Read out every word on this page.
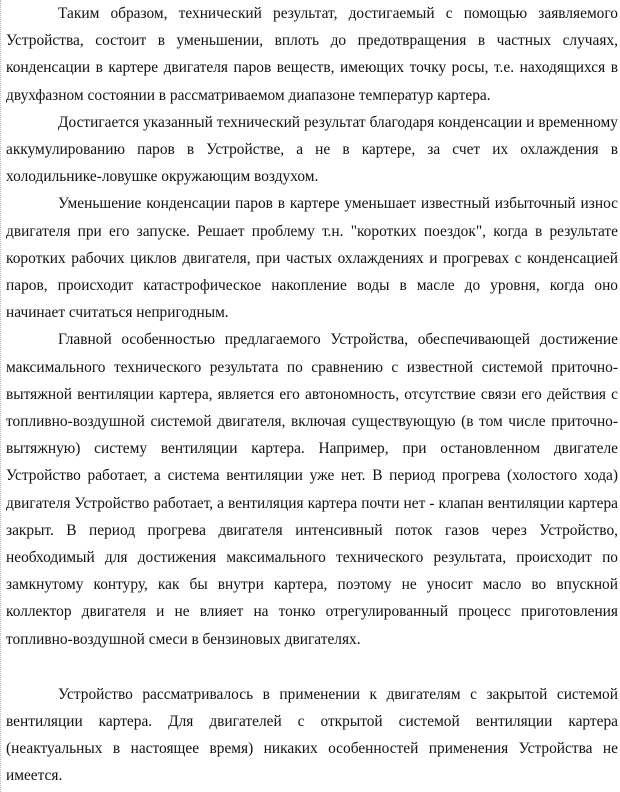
Таким образом, технический результат, достигаемый с помощью заявляемого Устройства, состоит в уменьшении, вплоть до предотвращения в частных случаях, конденсации в картере двигателя паров веществ, имеющих точку росы, т.е. находящихся в двухфазном состоянии в рассматриваемом диапазоне температур картера.

Достигается указанный технический результат благодаря конденсации и временному аккумулированию паров в Устройстве, а не в картере, за счет их охлаждения в холодильнике-ловушке окружающим воздухом.

Уменьшение конденсации паров в картере уменьшает известный избыточный износ двигателя при его запуске. Решает проблему т.н. "коротких поездок", когда в результате коротких рабочих циклов двигателя, при частых охлаждениях и прогревах с конденсацией паров, происходит катастрофическое накопление воды в масле до уровня, когда оно начинает считаться непригодным.

Главной особенностью предлагаемого Устройства, обеспечивающей достижение максимального технического результата по сравнению с известной системой приточно-вытяжной вентиляции картера, является его автономность, отсутствие связи его действия с топливно-воздушной системой двигателя, включая существующую (в том числе приточно-вытяжную) систему вентиляции картера. Например, при остановленном двигателе Устройство работает, а система вентиляции уже нет. В период прогрева (холостого хода) двигателя Устройство работает, а вентиляция картера почти нет - клапан вентиляции картера закрыт. В период прогрева двигателя интенсивный поток газов через Устройство, необходимый для достижения максимального технического результата, происходит по замкнутому контуру, как бы внутри картера, поэтому не уносит масло во впускной коллектор двигателя и не влияет на тонко отрегулированный процесс приготовления топливно-воздушной смеси в бензиновых двигателях.

Устройство рассматривалось в применении к двигателям с закрытой системой вентиляции картера. Для двигателей с открытой системой вентиляции картера (неактуальных в настоящее время) никаких особенностей применения Устройства не имеется.
